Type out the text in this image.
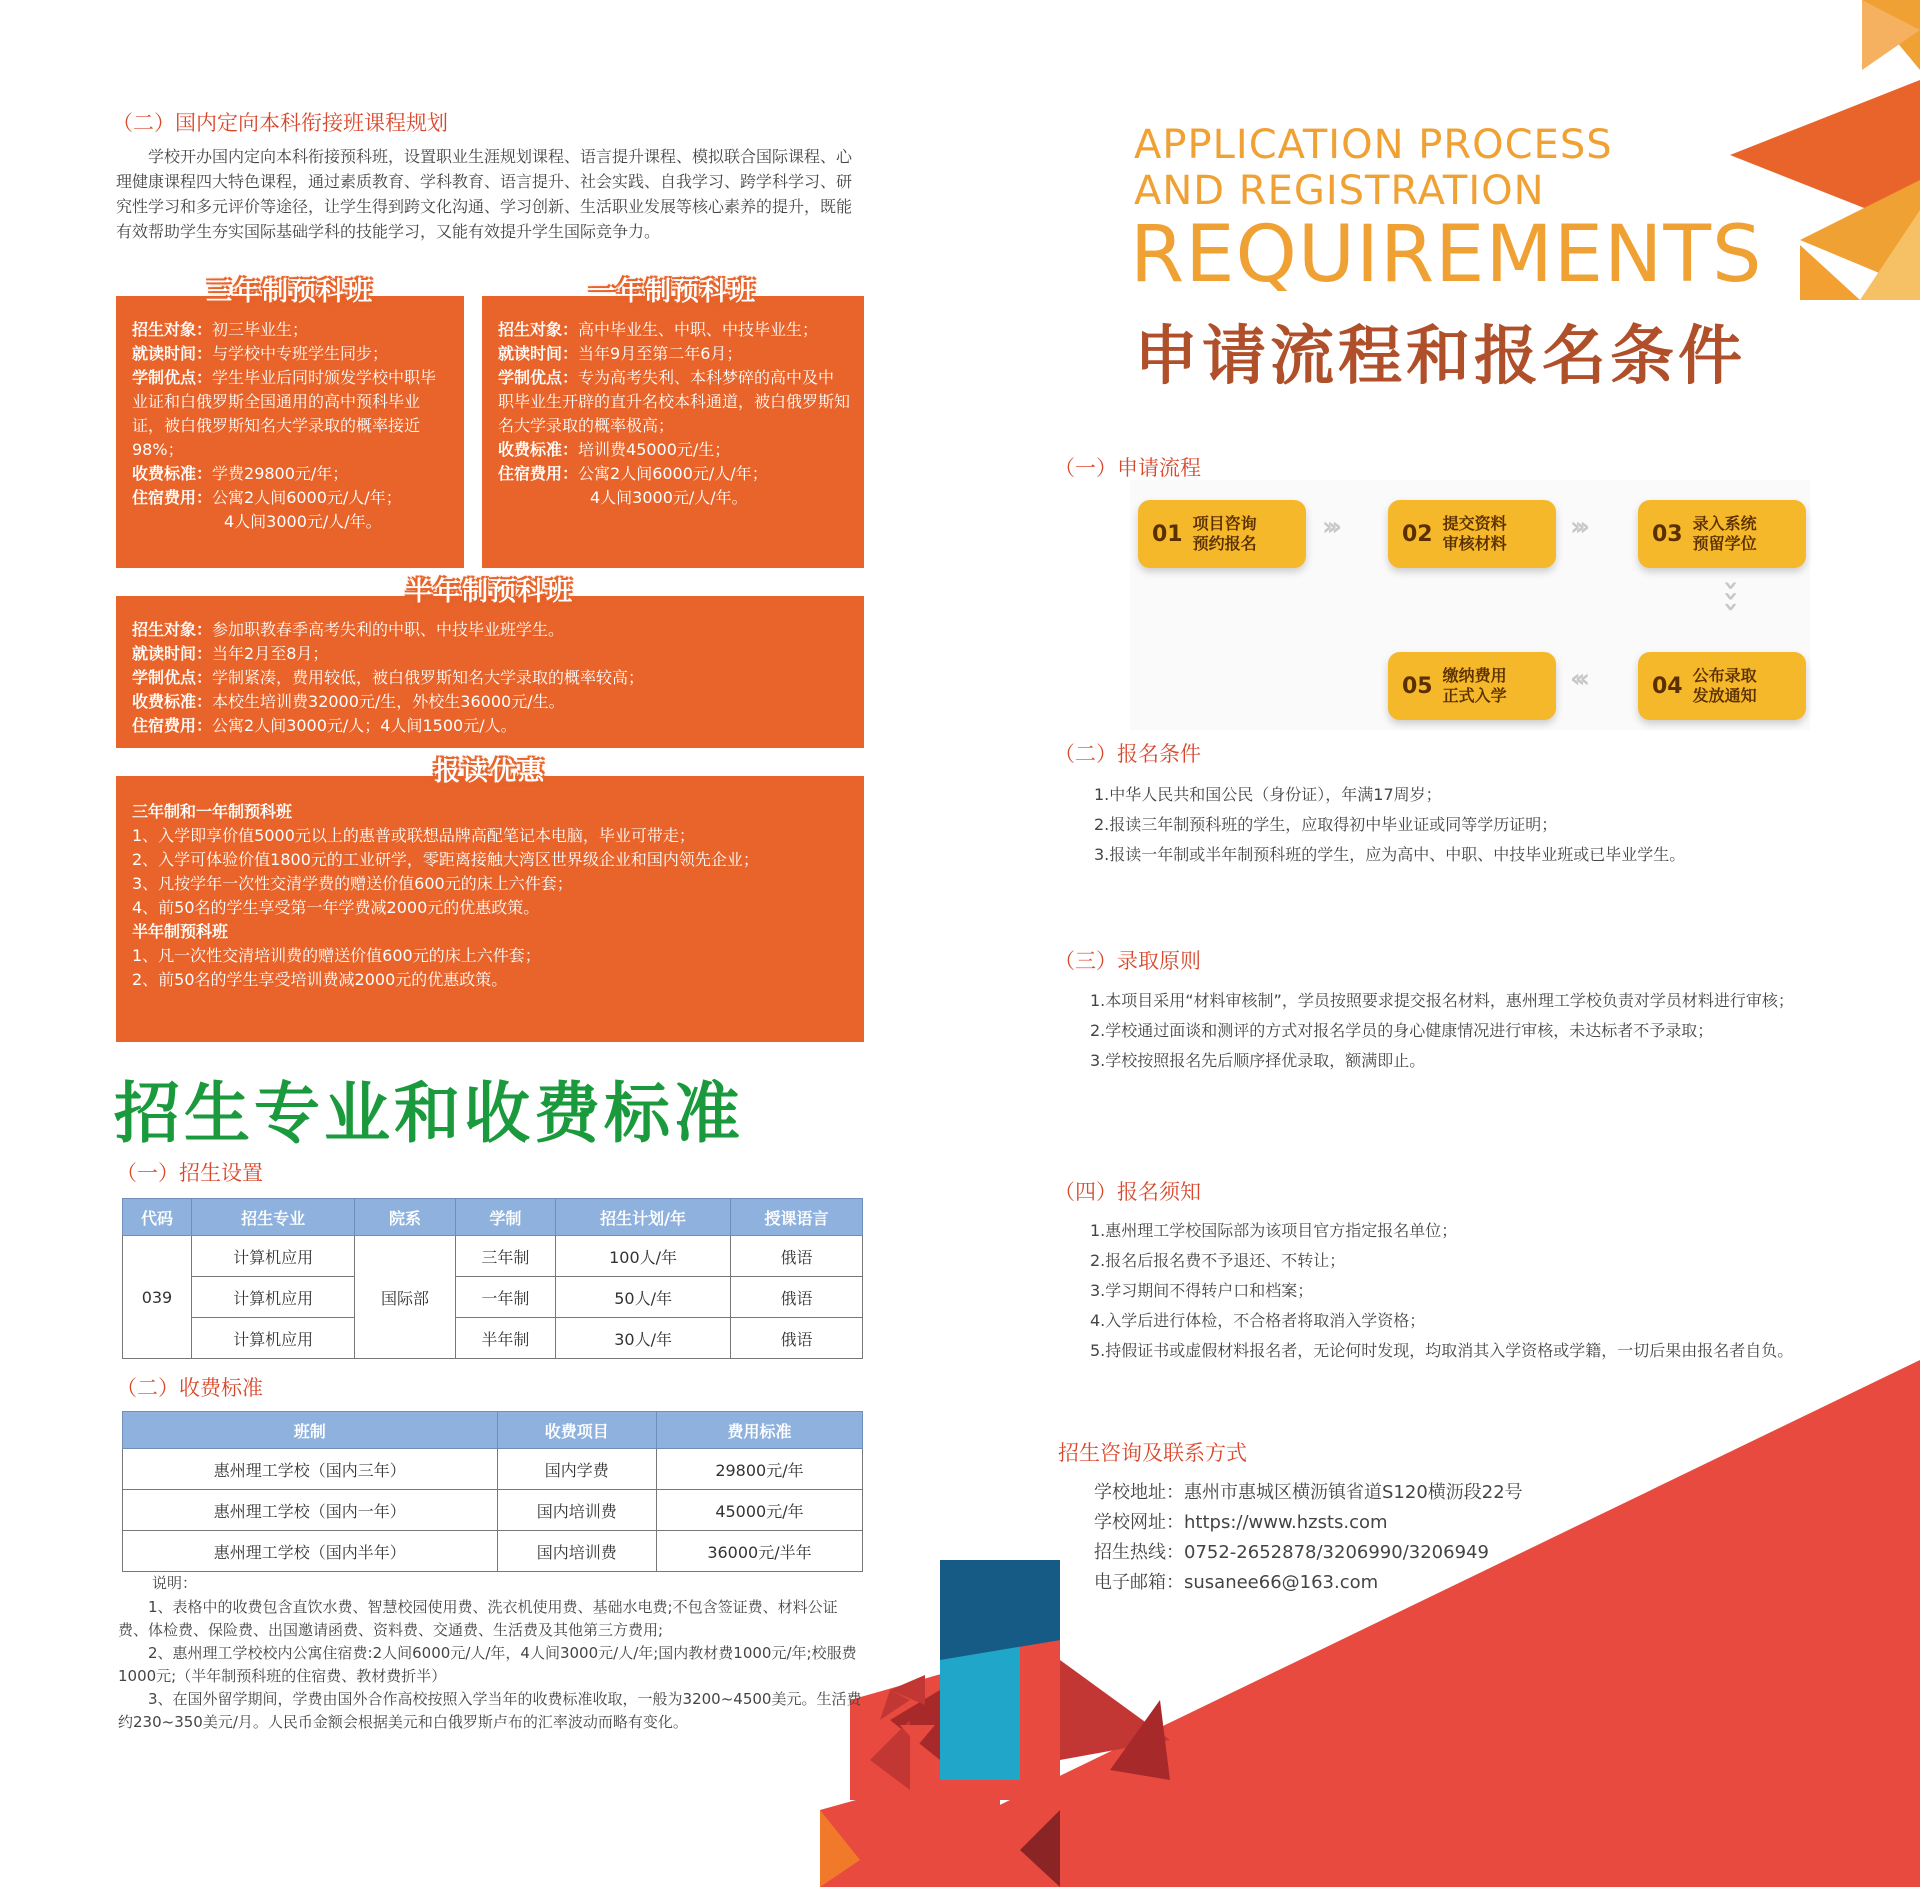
（二）国内定向本科衔接班课程规划
学校开办国内定向本科衔接预科班，设置职业生涯规划课程、语言提升课程、模拟联合国际课程、心理健康课程四大特色课程，通过素质教育、学科教育、语言提升、社会实践、自我学习、跨学科学习、研究性学习和多元评价等途径，让学生得到跨文化沟通、学习创新、生活职业发展等核心素养的提升，既能有效帮助学生夯实国际基础学科的技能学习，又能有效提升学生国际竞争力。
三年制预科班
招生对象：初三毕业生；
就读时间：与学校中专班学生同步；
学制优点：学生毕业后同时颁发学校中职毕业证和白俄罗斯全国通用的高中预科毕业证，被白俄罗斯知名大学录取的概率接近98%；
收费标准：学费29800元/年；
住宿费用：公寓2人间6000元/人/年；
4人间3000元/人/年。
一年制预科班
招生对象：高中毕业生、中职、中技毕业生；
就读时间：当年9月至第二年6月；
学制优点：专为高考失利、本科梦碎的高中及中职毕业生开辟的直升名校本科通道，被白俄罗斯知名大学录取的概率极高；
收费标准：培训费45000元/生；
住宿费用：公寓2人间6000元/人/年；
4人间3000元/人/年。
半年制预科班
招生对象：参加职教春季高考失利的中职、中技毕业班学生。
就读时间：当年2月至8月；
学制优点：学制紧凑，费用较低，被白俄罗斯知名大学录取的概率较高；
收费标准：本校生培训费32000元/生，外校生36000元/生。
住宿费用：公寓2人间3000元/人；4人间1500元/人。
报读优惠
三年制和一年制预科班
1、入学即享价值5000元以上的惠普或联想品牌高配笔记本电脑，毕业可带走；
2、入学可体验价值1800元的工业研学，零距离接触大湾区世界级企业和国内领先企业；
3、凡按学年一次性交清学费的赠送价值600元的床上六件套；
4、前50名的学生享受第一年学费减2000元的优惠政策。
半年制预科班
1、凡一次性交清培训费的赠送价值600元的床上六件套；
2、前50名的学生享受培训费减2000元的优惠政策。
招生专业和收费标准
（一）招生设置
代码	招生专业	院系	学制	招生计划/年	授课语言
039	计算机应用	国际部	三年制	100人/年	俄语
	计算机应用		一年制	50人/年	俄语
	计算机应用		半年制	30人/年	俄语
（二）收费标准
班制	收费项目	费用标准
惠州理工学校（国内三年）	国内学费	29800元/年
惠州理工学校（国内一年）	国内培训费	45000元/年
惠州理工学校（国内半年）	国内培训费	36000元/半年
说明：
1、表格中的收费包含直饮水费、智慧校园使用费、洗衣机使用费、基础水电费;不包含签证费、材料公证费、体检费、保险费、出国邀请函费、资料费、交通费、生活费及其他第三方费用;
2、惠州理工学校校内公寓住宿费:2人间6000元/人/年，4人间3000元/人/年;国内教材费1000元/年;校服费1000元;（半年制预科班的住宿费、教材费折半）
3、在国外留学期间，学费由国外合作高校按照入学当年的收费标准收取，一般为3200~4500美元。生活费约230~350美元/月。人民币金额会根据美元和白俄罗斯卢布的汇率波动而略有变化。
APPLICATION PROCESS
AND REGISTRATION
REQUIREMENTS
申请流程和报名条件
（一）申请流程
01 项目咨询
预约报名
›››	02 提交资料
审核材料
›››	03 录入系统
预留学位
›››
04 公布录取
发放通知
‹‹‹
05 缴纳费用
正式入学
（二）报名条件
1.中华人民共和国公民（身份证），年满17周岁；
2.报读三年制预科班的学生，应取得初中毕业证或同等学历证明；
3.报读一年制或半年制预科班的学生，应为高中、中职、中技毕业班或已毕业学生。
（三）录取原则
1.本项目采用“材料审核制”，学员按照要求提交报名材料，惠州理工学校负责对学员材料进行审核；
2.学校通过面谈和测评的方式对报名学员的身心健康情况进行审核，未达标者不予录取；
3.学校按照报名先后顺序择优录取，额满即止。
（四）报名须知
1.惠州理工学校国际部为该项目官方指定报名单位；
2.报名后报名费不予退还、不转让；
3.学习期间不得转户口和档案；
4.入学后进行体检，不合格者将取消入学资格；
5.持假证书或虚假材料报名者，无论何时发现，均取消其入学资格或学籍，一切后果由报名者自负。
招生咨询及联系方式
学校地址：惠州市惠城区横沥镇省道S120横沥段22号
学校网址：https://www.hzsts.com
招生热线：0752-2652878/3206990/3206949
电子邮箱：susanee66@163.com
